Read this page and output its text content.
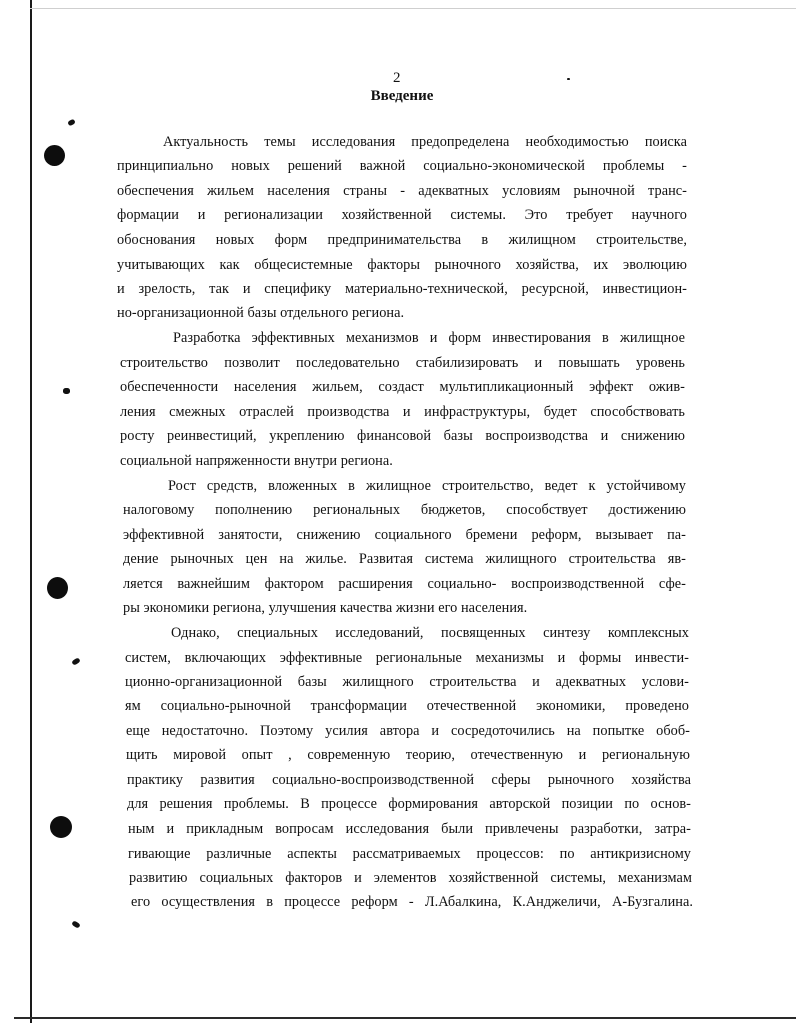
2

Введение

Актуальность темы исследования предопределена необходимостью поиска

принципиально новых решений важной социально-экономической проблемы -

обеспечения жильем населения страны - адекватных условиям рыночной транс-

формации и регионализации хозяйственной системы. Это требует научного

обоснования новых форм предпринимательства в жилищном строительстве,

учитывающих как общесистемные факторы рыночного хозяйства, их эволюцию

и зрелость, так и специфику материально-технической, ресурсной, инвестицион-

но-организационной базы отдельного региона.

Разработка эффективных механизмов и форм инвестирования в жилищное

строительство позволит последовательно стабилизировать и повышать уровень

обеспеченности населения жильем, создаст мультипликационный эффект ожив-

ления смежных отраслей производства и инфраструктуры, будет способствовать

росту реинвестиций, укреплению финансовой базы воспроизводства и снижению

социальной напряженности внутри региона.

Рост средств, вложенных в жилищное строительство, ведет к устойчивому

налоговому пополнению региональных бюджетов, способствует достижению

эффективной занятости, снижению социального бремени реформ, вызывает па-

дение рыночных цен на жилье. Развитая система жилищного строительства яв-

ляется важнейшим фактором расширения социально- воспроизводственной сфе-

ры экономики региона, улучшения качества жизни его населения.

Однако, специальных исследований, посвященных синтезу комплексных

систем, включающих эффективные региональные механизмы и формы инвести-

ционно-организационной базы жилищного строительства и адекватных услови-

ям социально-рыночной трансформации отечественной экономики, проведено

еще недостаточно. Поэтому усилия автора и сосредоточились на попытке обоб-

щить мировой опыт , современную теорию, отечественную и региональную

практику развития социально-воспроизводственной сферы рыночного хозяйства

для решения проблемы. В процессе формирования авторской позиции по основ-

ным и прикладным вопросам исследования были привлечены разработки, затра-

гивающие различные аспекты рассматриваемых процессов: по антикризисному

развитию социальных факторов и элементов хозяйственной системы, механизмам

его осуществления в процессе реформ - Л.Абалкина, К.Анджеличи, А-Бузгалина.
